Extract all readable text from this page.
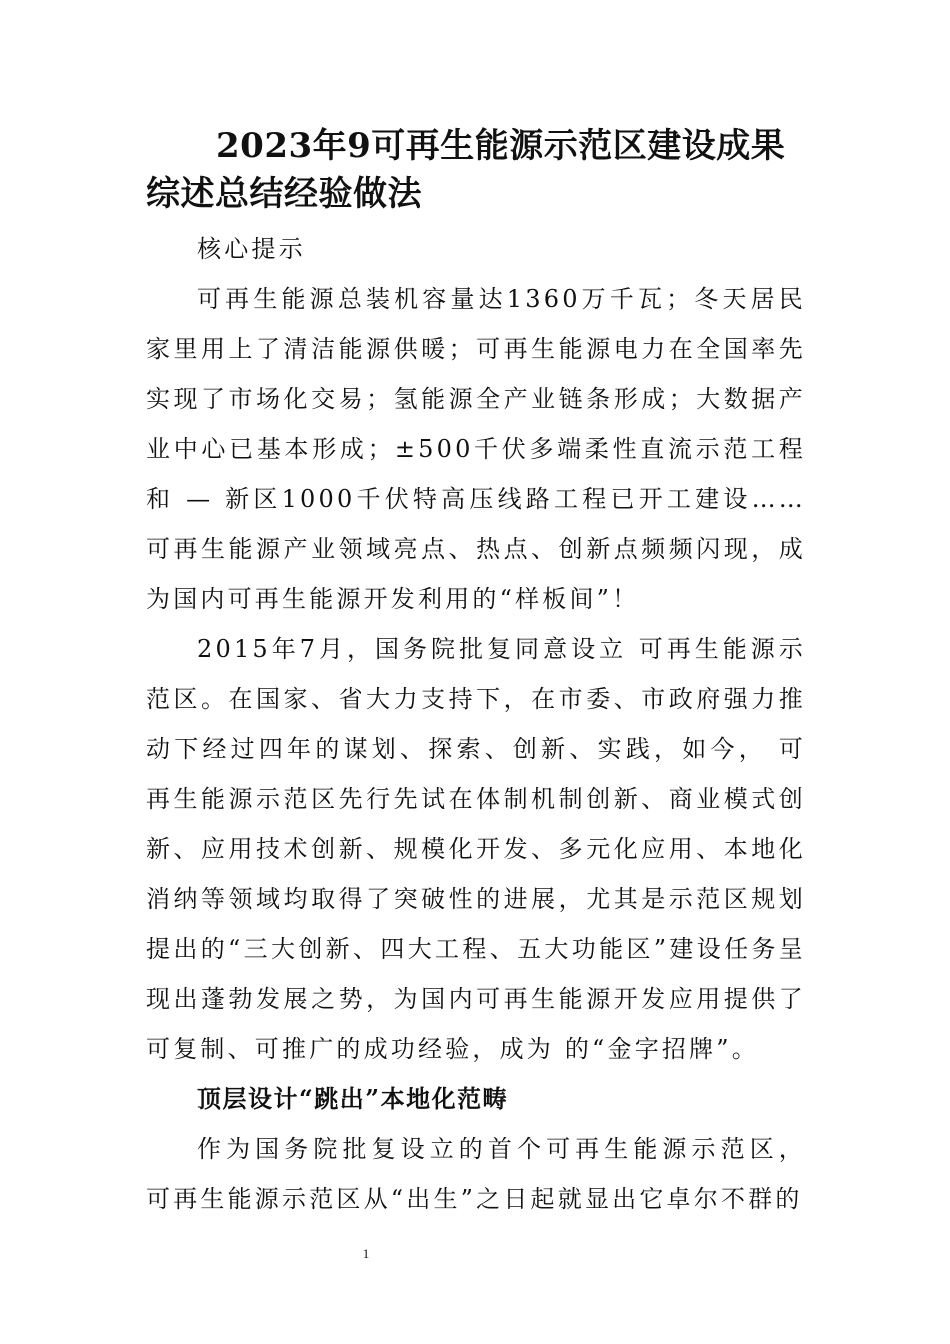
2023年9可再生能源示范区建设成果综述总结经验做法

核心提示

可再生能源总装机容量达1360万千瓦；冬天居民家里用上了清洁能源供暖；可再生能源电力在全国率先实现了市场化交易；氢能源全产业链条形成；大数据产业中心已基本形成；±500千伏多端柔性直流示范工程和 — 新区1000千伏特高压线路工程已开工建设…… 可再生能源产业领域亮点、热点、创新点频频闪现，成为国内可再生能源开发利用的“样板间”！

2015年7月，国务院批复同意设立 可再生能源示范区。在国家、省大力支持下，在市委、市政府强力推动下经过四年的谋划、探索、创新、实践，如今， 可再生能源示范区先行先试在体制机制创新、商业模式创新、应用技术创新、规模化开发、多元化应用、本地化消纳等领域均取得了突破性的进展，尤其是示范区规划提出的“三大创新、四大工程、五大功能区”建设任务呈现出蓬勃发展之势，为国内可再生能源开发应用提供了可复制、可推广的成功经验，成为 的“金字招牌”。

顶层设计“跳出”本地化范畴

作为国务院批复设立的首个可再生能源示范区， 可再生能源示范区从“出生”之日起就显出它卓尔不群的

1
